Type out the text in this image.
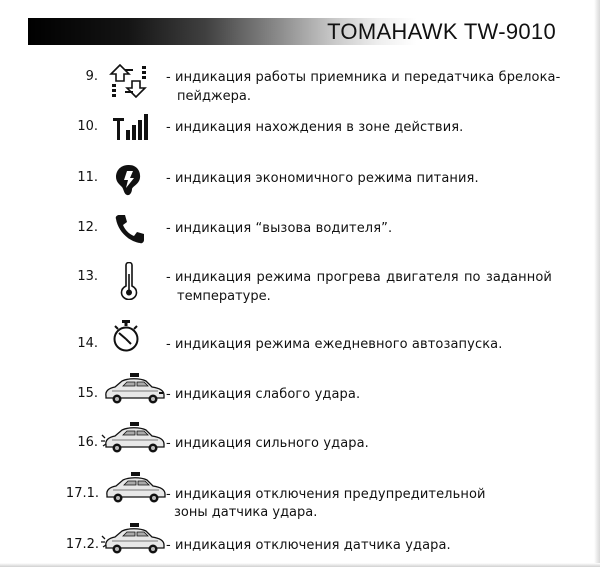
TOMAHAWK TW-9010
9.	- индикация работы приемника и передатчика брелока-
пейджера.
10.	- индикация нахождения в зоне действия.
11.	- индикация экономичного режима питания.
12.	- индикация “вызова водителя”.
13.	- индикация режима прогрева двигателя по заданной
температуре.
14.	- индикация режима ежедневного автозапуска.
15.	- индикация слабого удара.
16.	- индикация сильного удара.
17.1.	- индикация отключения предупредительной
зоны датчика удара.
17.2.	- индикация отключения датчика удара.
